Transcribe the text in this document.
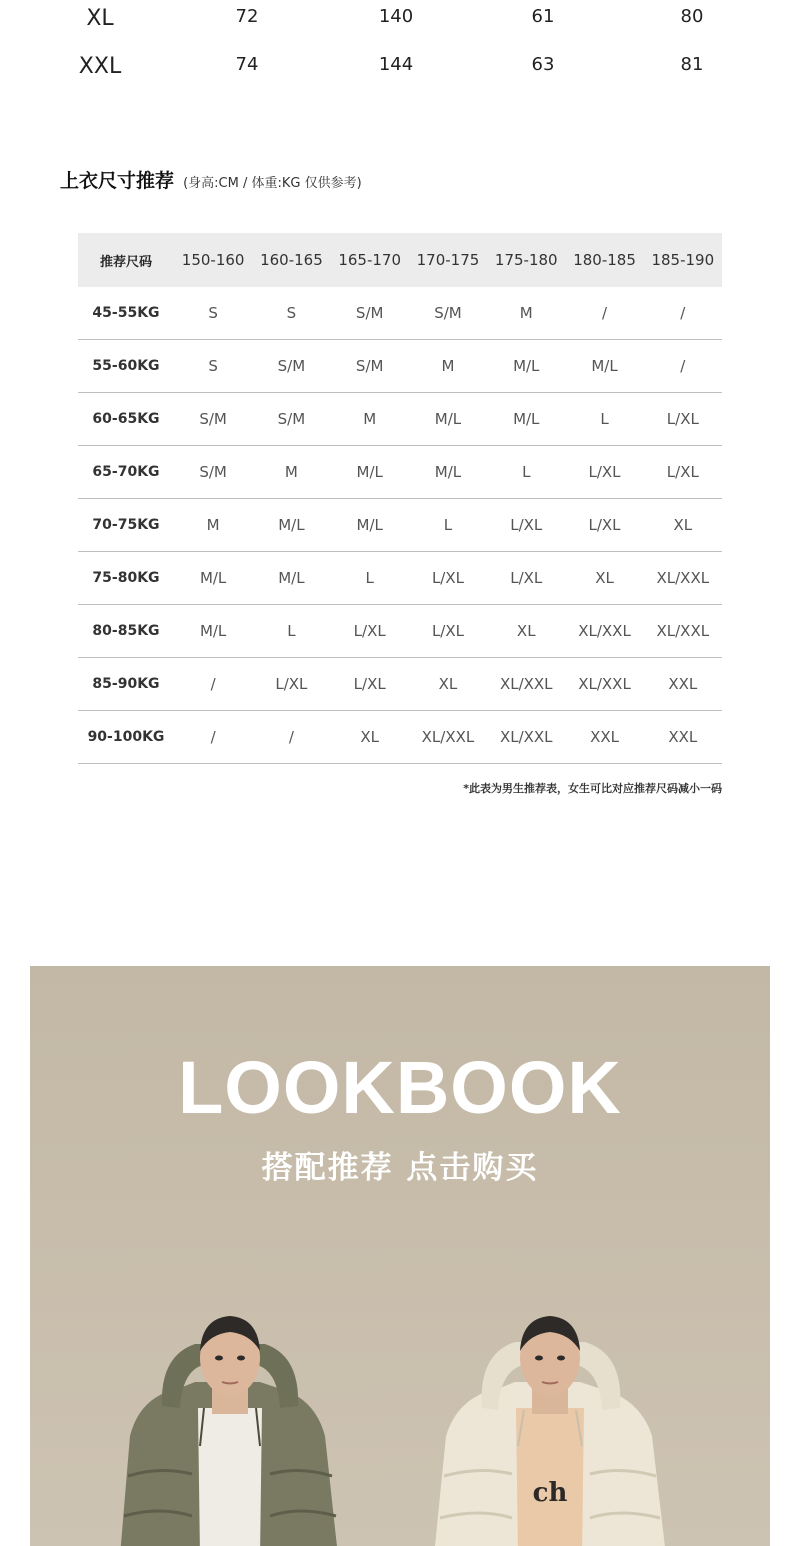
XL	72	140	61	80
XXL	74	144	63	81
上衣尺寸推荐 (身高:CM / 体重:KG 仅供参考)
推荐尺码	150-160	160-165	165-170	170-175	175-180	180-185	185-190
45-55KG	S	S	S/M	S/M	M	/	/
55-60KG	S	S/M	S/M	M	M/L	M/L	/
60-65KG	S/M	S/M	M	M/L	M/L	L	L/XL
65-70KG	S/M	M	M/L	M/L	L	L/XL	L/XL
70-75KG	M	M/L	M/L	L	L/XL	L/XL	XL
75-80KG	M/L	M/L	L	L/XL	L/XL	XL	XL/XXL
80-85KG	M/L	L	L/XL	L/XL	XL	XL/XXL	XL/XXL
85-90KG	/	L/XL	L/XL	XL	XL/XXL	XL/XXL	XXL
90-100KG	/	/	XL	XL/XXL	XL/XXL	XXL	XXL
*此表为男生推荐表，女生可比对应推荐尺码减小一码
LOOKBOOK
搭配推荐 点击购买
ch
